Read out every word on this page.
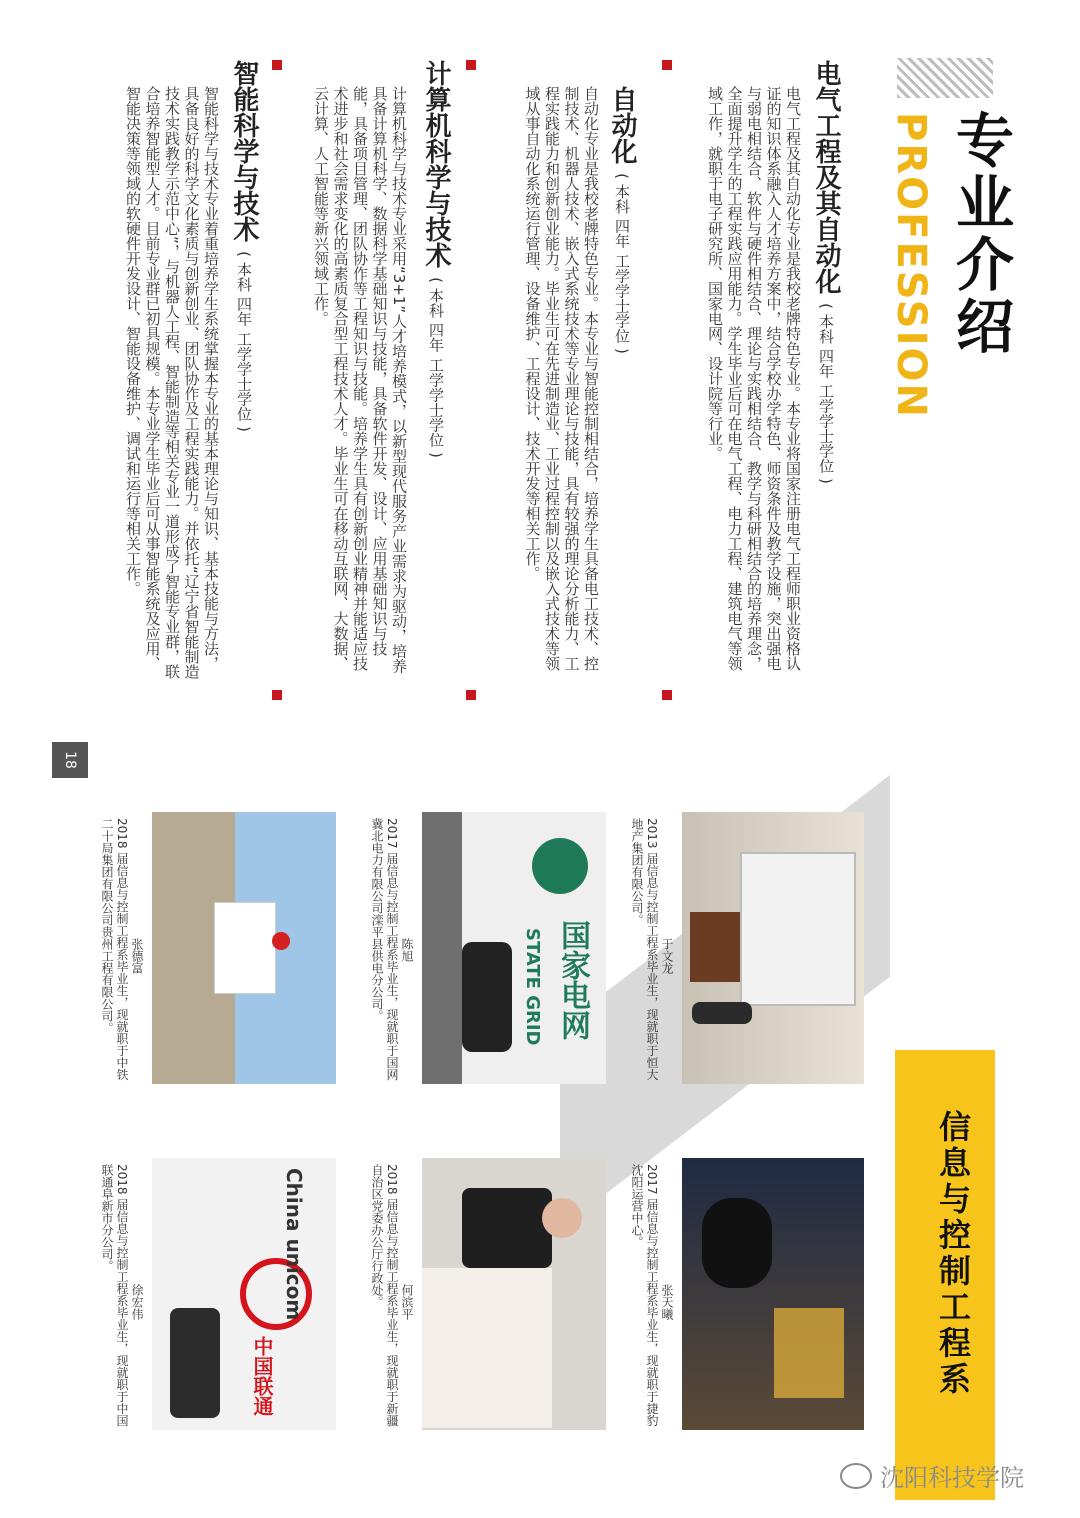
专业介绍
PROFESSION
电气工程及其自动化 ( 本科 四年 工学学士学位 )
电气工程及其自动化专业是我校老牌特色专业。本专业将国家注册电气工程师职业资格认证的知识体系融入人才培养方案中，结合学校办学特色、师资条件及教学设施，突出强电与弱电相结合、软件与硬件相结合、理论与实践相结合、教学与科研相结合的培养理念，全面提升学生的工程实践应用能力。学生毕业后可在电气工程、电力工程、建筑电气等领域工作，就职于电子研究所、国家电网、设计院等行业。
自动化 ( 本科 四年 工学学士学位 )
自动化专业是我校老牌特色专业。本专业与智能控制相结合，培养学生具备电工技术、控制技术、机器人技术、嵌入式系统技术等专业理论与技能，具有较强的理论分析能力、工程实践能力和创新创业能力。毕业生可在先进制造业、工业过程控制以及嵌入式技术等领域从事自动化系统运行管理、设备维护、工程设计、技术开发等相关工作。
计算机科学与技术 ( 本科 四年 工学学士学位 )
计算机科学与技术专业采用“3+1”人才培养模式，以新型现代服务产业需求为驱动，培养具备计算机科学、数据科学基础知识与技能，具备软件开发、设计、应用基础知识与技能，具备项目管理、团队协作等工程知识与技能。培养学生具有创新创业精神并能适应技术进步和社会需求变化的高素质复合型工程技术人才。毕业生可在移动互联网、大数据、云计算、人工智能等新兴领域工作。
智能科学与技术 ( 本科 四年 工学学士学位 )
智能科学与技术专业着重培养学生系统掌握本专业的基本理论与知识、基本技能与方法，具备良好的科学文化素质与创新创业、团队协作及工程实践能力。并依托“辽宁省智能制造技术实践教学示范中心”，与机器人工程、智能制造等相关专业一道形成了智能专业群，联合培养智能型人才。目前专业群已初具规模。本专业学生毕业后可从事智能系统及应用、智能决策等领域的软硬件开发设计、智能设备维护、调试和运行等相关工作。
18
信息与控制工程系
于文龙
2013 届信息与控制工程系毕业生，现就职于恒大地产集团有限公司。
张天曦
2017 届信息与控制工程系毕业生，现就职于捷豹沈阳运营中心。
国家电网
STATE GRID
陈旭
2017 届信息与控制工程系毕业生，现就职于国网冀北电力有限公司滦平县供电分公司。
何滨平
2018 届信息与控制工程系毕业生，现就职于新疆自治区党委办公厅行政处。
张德富
2018 届信息与控制工程系毕业生，现就职于中铁二十局集团有限公司贵州工程有限公司。
China unicom
中国联通
徐宏伟
2018 届信息与控制工程系毕业生，现就职于中国联通阜新市分公司。
沈阳科技学院
